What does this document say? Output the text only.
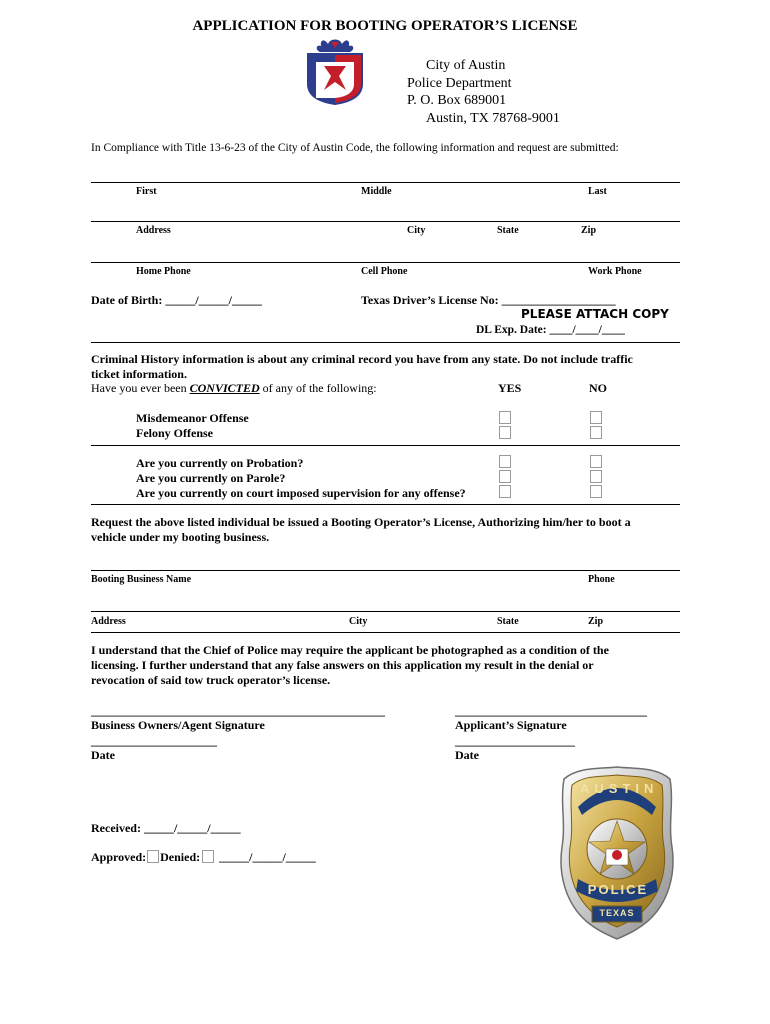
APPLICATION FOR BOOTING OPERATOR’S LICENSE
City of Austin
Police Department
P. O. Box 689001
Austin, TX 78768-9001
In Compliance with Title 13-6-23 of the City of Austin Code, the following information and request are submitted:
First	Middle	Last
Address	City	State	Zip
Home Phone	Cell Phone	Work Phone
Date of Birth: _____/_____/_____	Texas Driver’s License No: ___________________
PLEASE ATTACH COPY
DL Exp. Date: ____/____/____
Criminal History information is about any criminal record you have from any state. Do not include traffic
ticket information.
Have you ever been CONVICTED of any of the following:	YES	NO
Misdemeanor Offense
Felony Offense
Are you currently on Probation?
Are you currently on Parole?
Are you currently on court imposed supervision for any offense?
Request the above listed individual be issued a Booting Operator’s License, Authorizing him/her to boot a
vehicle under my booting business.
Booting Business Name	Phone
Address	City	State	Zip
I understand that the Chief of Police may require the applicant be photographed as a condition of the
licensing. I further understand that any false answers on this application my result in the denial or
revocation of said tow truck operator’s license.
_________________________________________________
Business Owners/Agent Signature
________________________________
Applicant’s Signature
_____________________
Date
____________________
Date
Received: _____/_____/_____
Approved: Denied: _____/_____/_____
AUSTIN
POLICE
TEXAS
